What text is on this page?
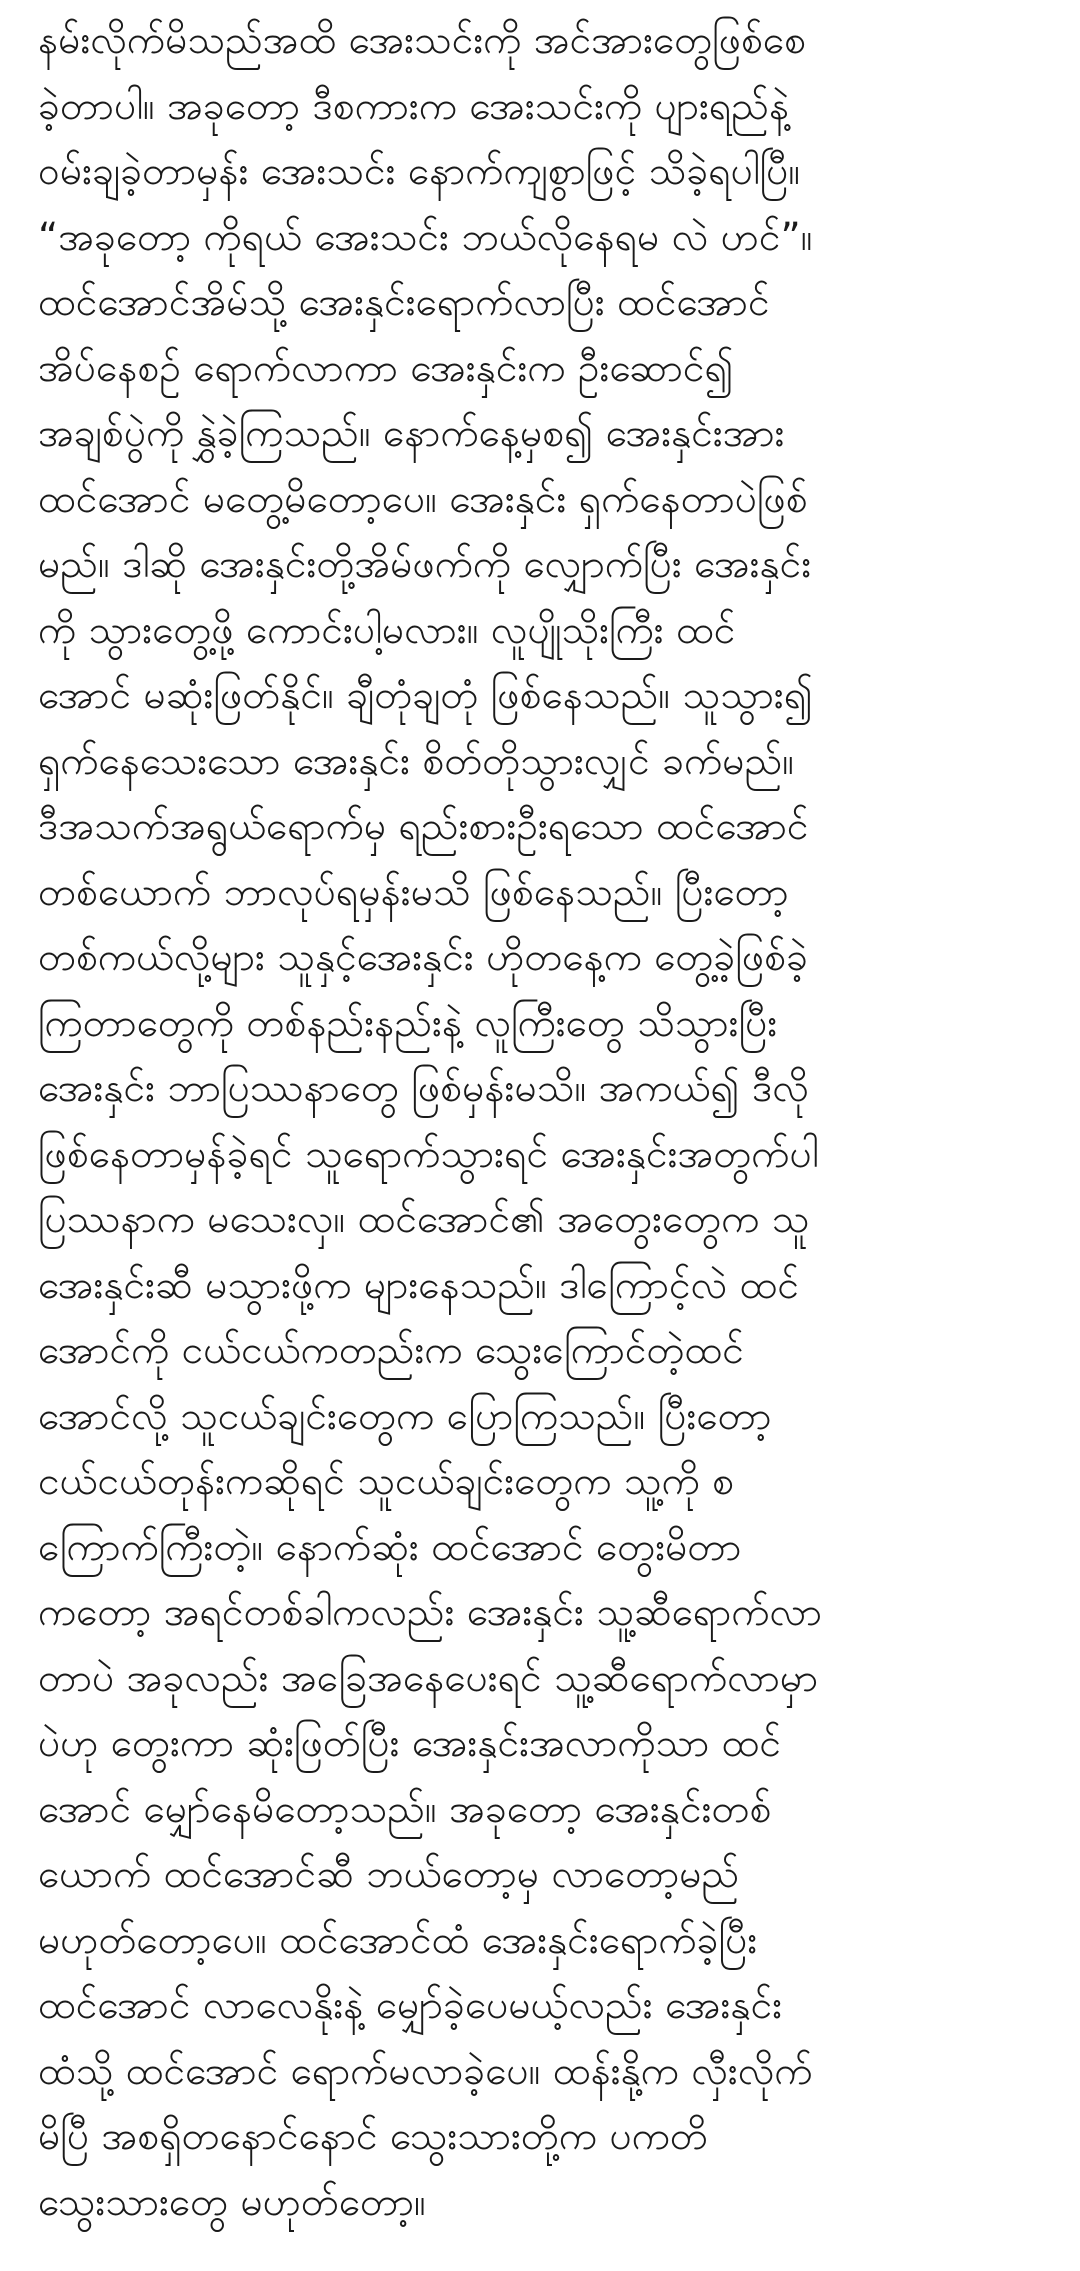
နမ်းလိုက်မိသည်အထိ အေးသင်းကို အင်အားတွေဖြစ်စေ
ခဲ့တာပါ။ အခုတော့ ဒီစကားက အေးသင်းကို ပျားရည်နဲ့
ဝမ်းချခဲ့တာမှန်း အေးသင်း နောက်ကျစွာဖြင့် သိခဲ့ရပါပြီ။
“အခုတော့ ကိုရယ် အေးသင်း ဘယ်လိုနေရမ လဲ ဟင်”။
ထင်အောင်အိမ်သို့ အေးနှင်းရောက်လာပြီး ထင်အောင်
အိပ်နေစဉ် ရောက်လာကာ အေးနှင်းက ဦးဆောင်၍
အချစ်ပွဲကို နွှဲခဲ့ကြသည်။ နောက်နေ့မှစ၍ အေးနှင်းအား
ထင်အောင် မတွေ့မိတော့ပေ။ အေးနှင်း ရှက်နေတာပဲဖြစ်
မည်။ ဒါဆို အေးနှင်းတို့အိမ်ဖက်ကို လျှောက်ပြီး အေးနှင်း
ကို သွားတွေ့ဖို့ ကောင်းပါ့မလား။ လူပျိုသိုးကြီး ထင်
အောင် မဆုံးဖြတ်နိုင်။ ချီတုံချတုံ ဖြစ်နေသည်။ သူသွား၍
ရှက်နေသေးသော အေးနှင်း စိတ်တိုသွားလျှင် ခက်မည်။
ဒီအသက်အရွယ်ရောက်မှ ရည်းစားဦးရသော ထင်အောင်
တစ်ယောက် ဘာလုပ်ရမှန်းမသိ ဖြစ်နေသည်။ ပြီးတော့
တစ်ကယ်လို့များ သူနှင့်အေးနှင်း ဟိုတနေ့က တွေ့ခဲ့ဖြစ်ခဲ့
ကြတာတွေကို တစ်နည်းနည်းနဲ့ လူကြီးတွေ သိသွားပြီး
အေးနှင်း ဘာပြဿနာတွေ ဖြစ်မှန်းမသိ။ အကယ်၍ ဒီလို
ဖြစ်နေတာမှန်ခဲ့ရင် သူရောက်သွားရင် အေးနှင်းအတွက်ပါ
ပြဿနာက မသေးလှ။ ထင်အောင်၏ အတွေးတွေက သူ
အေးနှင်းဆီ မသွားဖို့က များနေသည်။ ဒါကြောင့်လဲ ထင်
အောင်ကို ငယ်ငယ်ကတည်းက သွေးကြောင်တဲ့ထင်
အောင်လို့ သူငယ်ချင်းတွေက ပြောကြသည်။ ပြီးတော့
ငယ်ငယ်တုန်းကဆိုရင် သူငယ်ချင်းတွေက သူ့ကို စ
ကြောက်ကြီးတဲ့။ နောက်ဆုံး ထင်အောင် တွေးမိတာ
ကတော့ အရင်တစ်ခါကလည်း အေးနှင်း သူ့ဆီရောက်လာ
တာပဲ အခုလည်း အခြေအနေပေးရင် သူ့ဆီရောက်လာမှာ
ပဲဟု တွေးကာ ဆုံးဖြတ်ပြီး အေးနှင်းအလာကိုသာ ထင်
အောင် မျှော်နေမိတော့သည်။ အခုတော့ အေးနှင်းတစ်
ယောက် ထင်အောင်ဆီ ဘယ်တော့မှ လာတော့မည်
မဟုတ်တော့ပေ။ ထင်အောင်ထံ အေးနှင်းရောက်ခဲ့ပြီး
ထင်အောင် လာလေနိုးနဲ့ မျှော်ခဲ့ပေမယ့်လည်း အေးနှင်း
ထံသို့ ထင်အောင် ရောက်မလာခဲ့ပေ။ ထန်းနို့က လှီးလိုက်
မိပြီ အစရှိတနောင်နောင် သွေးသားတို့က ပကတိ
သွေးသားတွေ မဟုတ်တော့။
